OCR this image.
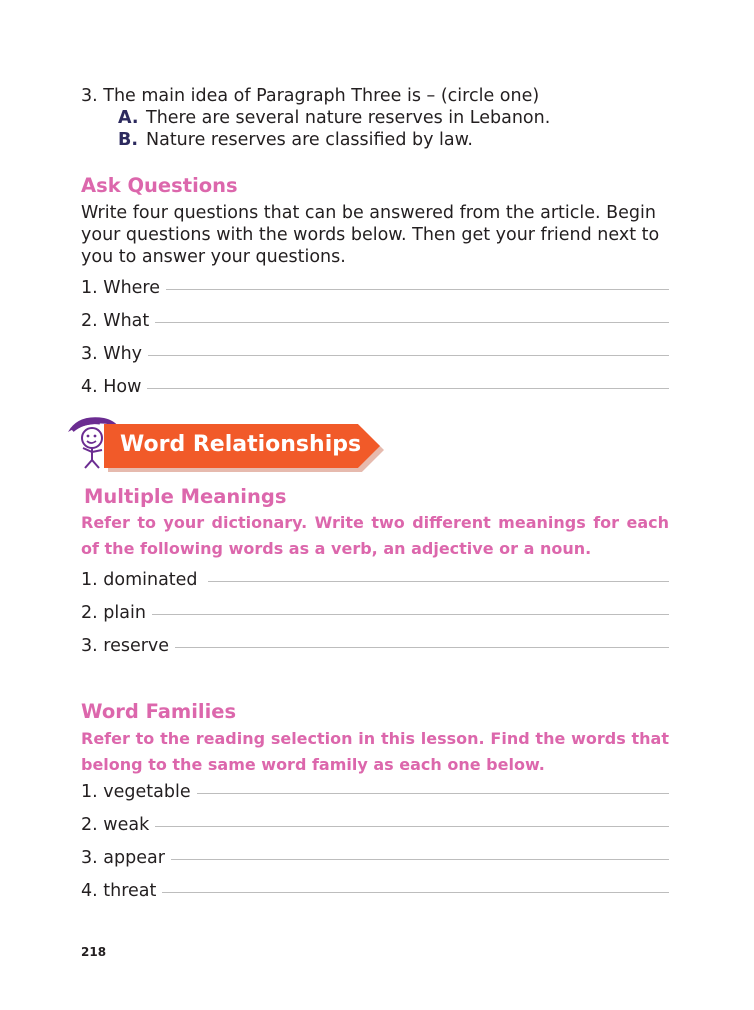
3. The main idea of Paragraph Three is – (circle one)
A. There are several nature reserves in Lebanon.
B. Nature reserves are classified by law.
Ask Questions
Write four questions that can be answered from the article. Begin your questions with the words below. Then get your friend next to you to answer your questions.
1. Where
2. What
3. Why
4. How
Word Relationships
Multiple Meanings
Refer to your dictionary. Write two different meanings for each of the following words as a verb, an adjective or a noun.
1. dominated
2. plain
3. reserve
Word Families
Refer to the reading selection in this lesson. Find the words that belong to the same word family as each one below.
1. vegetable
2. weak
3. appear
4. threat
218
